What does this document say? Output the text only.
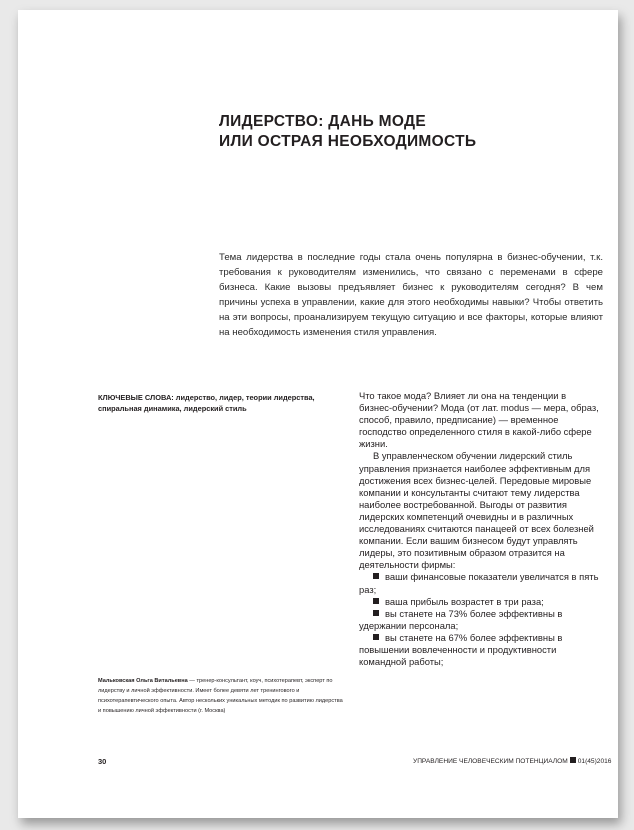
ЛИДЕРСТВО: ДАНЬ МОДЕ
ИЛИ ОСТРАЯ НЕОБХОДИМОСТЬ

Тема лидерства в последние годы стала очень популярна в бизнес-обучении, т.к. требования к руководителям изменились, что связано с переменами в сфере бизнеса. Какие вызовы предъявляет бизнес к руководителям сегодня? В чем причины успеха в управлении, какие для этого необходимы навыки? Чтобы ответить на эти вопросы, проанализируем текущую ситуацию и все факторы, которые влияют на необходимость изменения стиля управления.

КЛЮЧЕВЫЕ СЛОВА: лидерство, лидер, теории лидерства, спиральная динамика, лидерский стиль

Мальковская Ольга Витальевна — тренер-консультант, коуч, психотерапевт, эксперт по лидерству и личной эффективности. Имеет более девяти лет тренингового и психотерапевтического опыта. Автор нескольких уникальных методик по развитию лидерства и повышению личной эффективности (г. Москва)

Что такое мода? Влияет ли она на тенденции в бизнес-обучении? Мода (от лат. modus — мера, образ, способ, правило, предписание) — временное господство определенного стиля в какой-либо сфере жизни.

В управленческом обучении лидерский стиль управления признается наиболее эффективным для достижения всех бизнес-целей. Передовые мировые компании и консультанты считают тему лидерства наиболее востребованной. Выгоды от развития лидерских компетенций очевидны и в различных исследованиях считаются панацеей от всех болезней компании. Если вашим бизнесом будут управлять лидеры, это позитивным образом отразится на деятельности фирмы:

ваши финансовые показатели увеличатся в пять раз;

ваша прибыль возрастет в три раза;

вы станете на 73% более эффективны в удержании персонала;

вы станете на 67% более эффективны в повышении вовлеченности и продуктивности командной работы;

30	УПРАВЛЕНИЕ ЧЕЛОВЕЧЕСКИМ ПОТЕНЦИАЛОМ 01(45)2016
